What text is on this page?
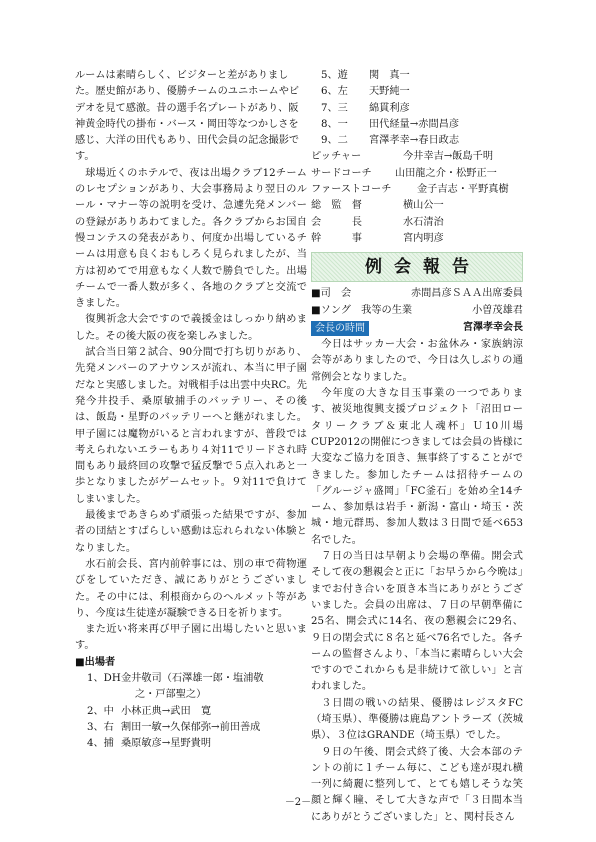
ルームは素晴らしく、ビジターと差がありました。歴史館があり、優勝チームのユニホームやビデオを見て感激。昔の選手名プレートがあり、阪神黄金時代の掛布・バース・岡田等なつかしさを感じ、大洋の田代もあり、田代会員の記念撮影です。

球場近くのホテルで、夜は出場クラブ12チームのレセプションがあり、大会事務局より翌日のルール・マナー等の説明を受け、急遽先発メンバーの登録がありあわてました。各クラブからお国自慢コンテスの発表があり、何度か出場しているチームは用意も良くおもしろく見られましたが、当方は初めてで用意もなく人数で勝負でした。出場チームで一番人数が多く、各地のクラブと交流できました。

復興祈念大会ですので義援金はしっかり納めました。その後大阪の夜を楽しみました。

試合当日第２試合、90分間で打ち切りがあり、先発メンバーのアナウンスが流れ、本当に甲子園だなと実感しました。対戦相手は出雲中央RC。先発今井投手、桑原敏捕手のバッテリー、その後は、飯島・星野のバッテリーへと継がれました。甲子園には魔物がいると言われますが、普段では考えられないエラーもあり４対11でリードされ時間もあり最終回の攻撃で猛反撃で５点入れあと一歩となりましたがゲームセット。９対11で負けてしまいました。

最後まであきらめず頑張った結果ですが、参加者の団結とすばらしい感動は忘れられない体験となりました。

水石前会長、宮内前幹事には、別の車で荷物運びをしていただき、誠にありがとうございました。その中には、利根商からのヘルメット等があり、今度は生徒達が凝験できる日を祈ります。

また近い将来再び甲子園に出場したいと思います。

■出場者

1、DH 金井敬司（石澤雄一郎・塩浦敬
之・戸部聖之）
2、中 小林正典→武田　寛
3、右 割田一敏→久保郁弥→前田善成
4、捕 桑原敏彦→星野貴明
5、遊	関　真一
6、左	天野純一
7、三	綿貫利彦
8、一	田代経量→赤間昌彦
9、二	宮澤孝幸→春日政志
ピッチャー	今井幸吉→飯島千明
サードコーチ	山田龍之介・松野正一
ファーストコーチ	金子吉志・平野真樹
総　監　督	横山公一
会　　　長	水石清治
幹　　　事	宮内明彦
例会報告
■司　会	赤間昌彦ＳＡＡ出席委員
■ソング　我等の生業	小曽茂雄君
会長の時間	宮澤孝幸会長

今日はサッカー大会・お盆休み・家族納涼会等がありましたので、今日は久しぶりの通常例会となりました。

今年度の大きな目玉事業の一つであります、被災地復興支援プロジェクト「沼田ロータリークラブ＆東北人魂杯」Ｕ10川場CUP2012の開催につきましては会員の皆様に大変なご協力を頂き、無事終了することができました。参加したチームは招待チームの「グルージャ盛岡」「FC釜石」を始め全14チーム、参加県は岩手・新潟・富山・埼玉・茨城・地元群馬、参加人数は３日間で延べ653名でした。

７日の当日は早朝より会場の準備。開会式そして夜の懇親会と正に「お早うから今晩は」までお付き合いを頂き本当にありがとうございました。会員の出席は、７日の早朝準備に25名、開会式に14名、夜の懇親会に29名、９日の閉会式に８名と延べ76名でした。各チームの監督さんより、「本当に素晴らしい大会ですのでこれからも是非続けて欲しい」と言われました。

３日間の戦いの結果、優勝はレジスタFC（埼玉県）、準優勝は鹿島アントラーズ（茨城県）、３位はGRANDE（埼玉県）でした。

９日の午後、閉会式終了後、大会本部のテントの前に１チーム毎に、こども達が現れ横一列に綺麗に整列して、とても嬉しそうな笑顔と輝く瞳、そして大きな声で「３日間本当にありがとうございました」と、関村長さん

－2－
